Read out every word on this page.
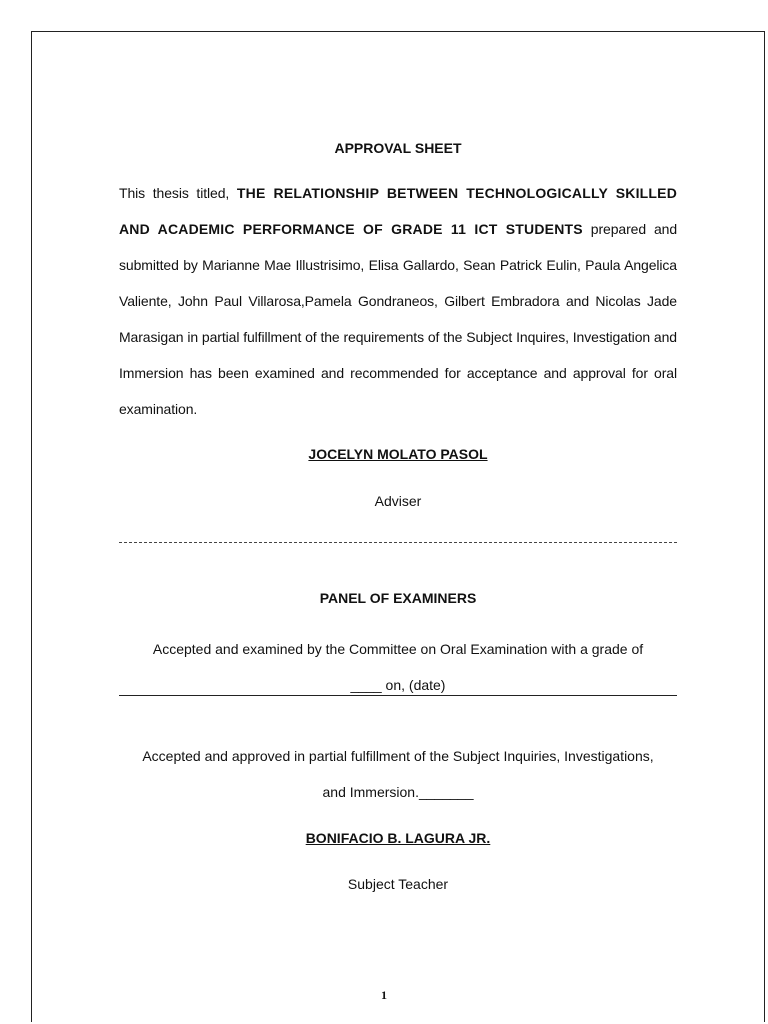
APPROVAL SHEET
This thesis titled, THE RELATIONSHIP BETWEEN TECHNOLOGICALLY SKILLED AND ACADEMIC PERFORMANCE OF GRADE 11 ICT STUDENTS prepared and submitted by Marianne Mae Illustrisimo, Elisa Gallardo, Sean Patrick Eulin, Paula Angelica Valiente, John Paul Villarosa,Pamela Gondraneos, Gilbert Embradora and Nicolas Jade Marasigan in partial fulfillment of the requirements of the Subject Inquires, Investigation and Immersion has been examined and recommended for acceptance and approval for oral examination.
JOCELYN MOLATO PASOL
Adviser
PANEL OF EXAMINERS
Accepted and examined by the Committee on Oral Examination with a grade of
____ on, (date)
Accepted and approved in partial fulfillment of the Subject Inquiries, Investigations,
and Immersion._______
BONIFACIO B. LAGURA JR.
Subject Teacher
1
